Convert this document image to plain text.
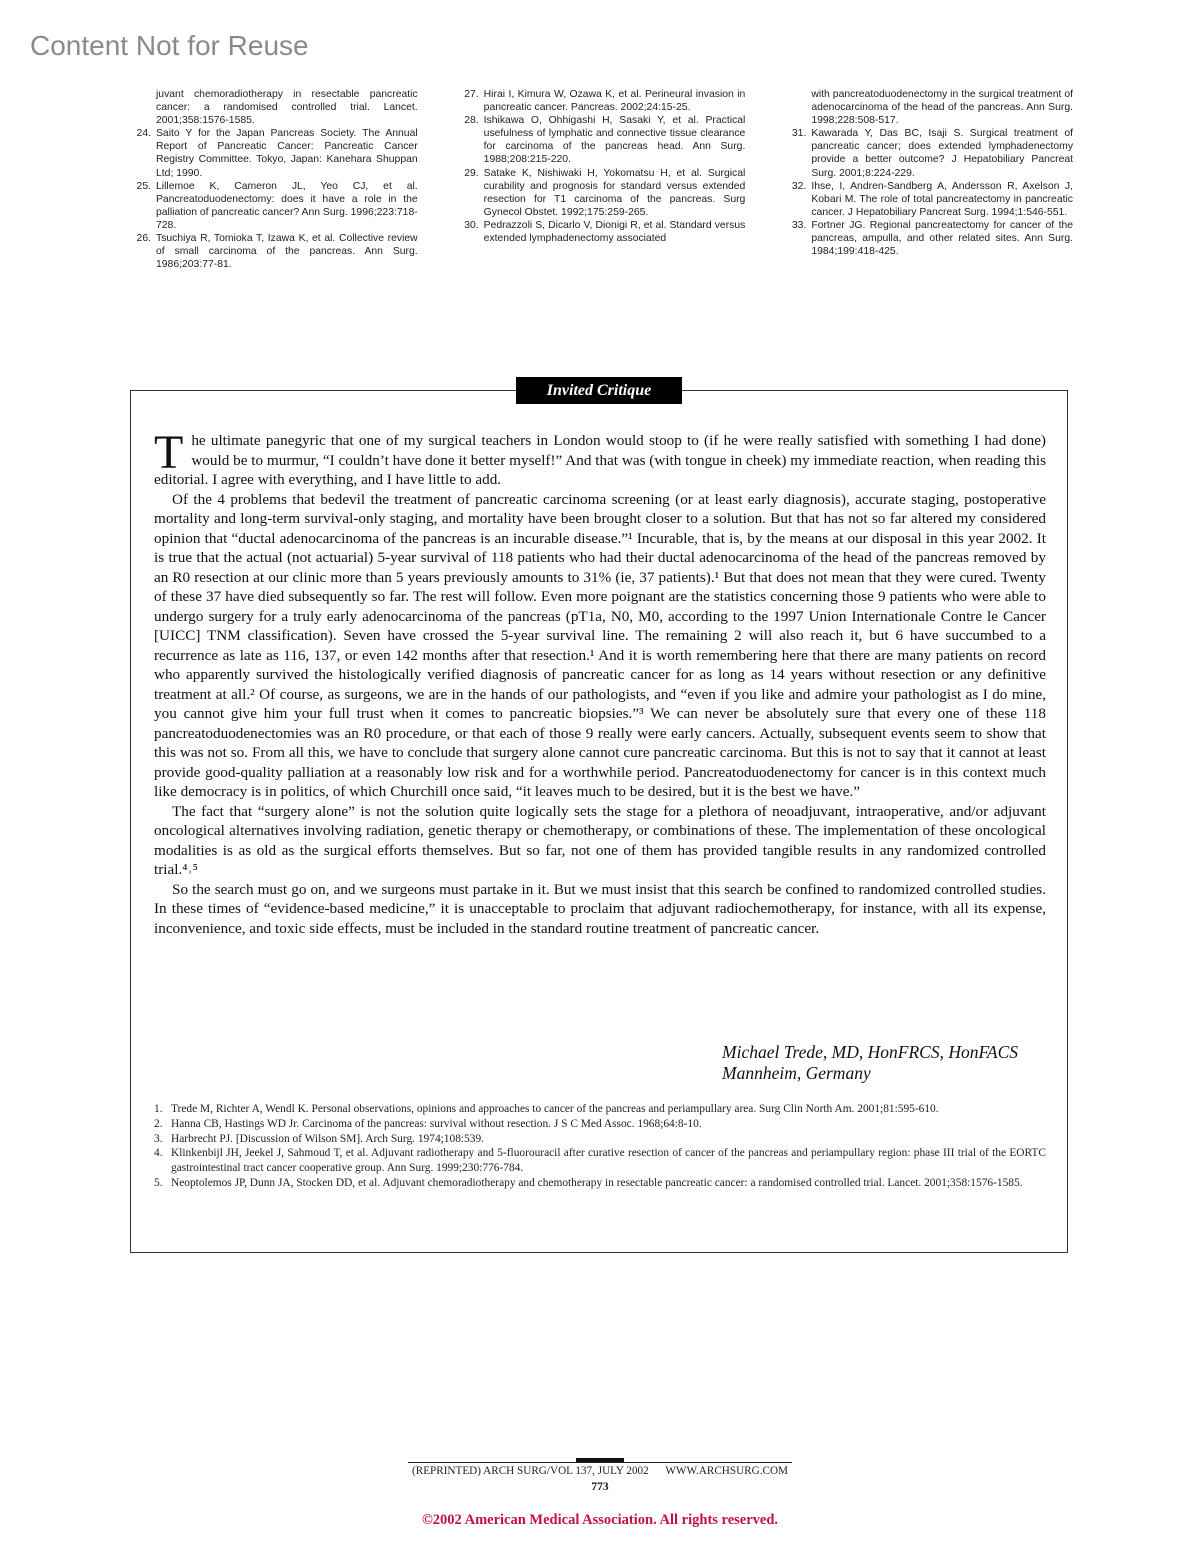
Content Not for Reuse
juvant chemoradiotherapy in resectable pancreatic cancer: a randomised controlled trial. Lancet. 2001;358:1576-1585.
24. Saito Y for the Japan Pancreas Society. The Annual Report of Pancreatic Cancer: Pancreatic Cancer Registry Committee. Tokyo, Japan: Kanehara Shuppan Ltd; 1990.
25. Lillemoe K, Cameron JL, Yeo CJ, et al. Pancreatoduodenectomy: does it have a role in the palliation of pancreatic cancer? Ann Surg. 1996;223:718-728.
26. Tsuchiya R, Tomioka T, Izawa K, et al. Collective review of small carcinoma of the pancreas. Ann Surg. 1986;203:77-81.
27. Hirai I, Kimura W, Ozawa K, et al. Perineural invasion in pancreatic cancer. Pancreas. 2002;24:15-25.
28. Ishikawa O, Ohhigashi H, Sasaki Y, et al. Practical usefulness of lymphatic and connective tissue clearance for carcinoma of the pancreas head. Ann Surg. 1988;208:215-220.
29. Satake K, Nishiwaki H, Yokomatsu H, et al. Surgical curability and prognosis for standard versus extended resection for T1 carcinoma of the pancreas. Surg Gynecol Obstet. 1992;175:259-265.
30. Pedrazzoli S, Dicarlo V, Dionigi R, et al. Standard versus extended lymphadenectomy associated
with pancreatoduodenectomy in the surgical treatment of adenocarcinoma of the head of the pancreas. Ann Surg. 1998;228:508-517.
31. Kawarada Y, Das BC, Isaji S. Surgical treatment of pancreatic cancer; does extended lymphadenectomy provide a better outcome? J Hepatobiliary Pancreat Surg. 2001;8:224-229.
32. Ihse, I, Andren-Sandberg A, Andersson R, Axelson J, Kobari M. The role of total pancreatectomy in pancreatic cancer. J Hepatobiliary Pancreat Surg. 1994;1:546-551.
33. Fortner JG. Regional pancreatectomy for cancer of the pancreas, ampulla, and other related sites. Ann Surg. 1984;199:418-425.
Invited Critique

The ultimate panegyric that one of my surgical teachers in London would stoop to (if he were really satisfied with something I had done) would be to murmur, “I couldn’t have done it better myself!” And that was (with tongue in cheek) my immediate reaction, when reading this editorial. I agree with everything, and I have little to add.

Of the 4 problems that bedevil the treatment of pancreatic carcinoma screening (or at least early diagnosis), accurate staging, postoperative mortality and long-term survival-only staging, and mortality have been brought closer to a solution. But that has not so far altered my considered opinion that “ductal adenocarcinoma of the pancreas is an incurable disease.”¹ Incurable, that is, by the means at our disposal in this year 2002. It is true that the actual (not actuarial) 5-year survival of 118 patients who had their ductal adenocarcinoma of the head of the pancreas removed by an R0 resection at our clinic more than 5 years previously amounts to 31% (ie, 37 patients).¹ But that does not mean that they were cured. Twenty of these 37 have died subsequently so far. The rest will follow. Even more poignant are the statistics concerning those 9 patients who were able to undergo surgery for a truly early adenocarcinoma of the pancreas (pT1a, N0, M0, according to the 1997 Union Internationale Contre le Cancer [UICC] TNM classification). Seven have crossed the 5-year survival line. The remaining 2 will also reach it, but 6 have succumbed to a recurrence as late as 116, 137, or even 142 months after that resection.¹ And it is worth remembering here that there are many patients on record who apparently survived the histologically verified diagnosis of pancreatic cancer for as long as 14 years without resection or any definitive treatment at all.² Of course, as surgeons, we are in the hands of our pathologists, and “even if you like and admire your pathologist as I do mine, you cannot give him your full trust when it comes to pancreatic biopsies.”³ We can never be absolutely sure that every one of these 118 pancreatoduodenectomies was an R0 procedure, or that each of those 9 really were early cancers. Actually, subsequent events seem to show that this was not so. From all this, we have to conclude that surgery alone cannot cure pancreatic carcinoma. But this is not to say that it cannot at least provide good-quality palliation at a reasonably low risk and for a worthwhile period. Pancreatoduodenectomy for cancer is in this context much like democracy is in politics, of which Churchill once said, “it leaves much to be desired, but it is the best we have.”

The fact that “surgery alone” is not the solution quite logically sets the stage for a plethora of neoadjuvant, intraoperative, and/or adjuvant oncological alternatives involving radiation, genetic therapy or chemotherapy, or combinations of these. The implementation of these oncological modalities is as old as the surgical efforts themselves. But so far, not one of them has provided tangible results in any randomized controlled trial.⁴˒⁵

So the search must go on, and we surgeons must partake in it. But we must insist that this search be confined to randomized controlled studies. In these times of “evidence-based medicine,” it is unacceptable to proclaim that adjuvant radiochemotherapy, for instance, with all its expense, inconvenience, and toxic side effects, must be included in the standard routine treatment of pancreatic cancer.

Michael Trede, MD, HonFRCS, HonFACS
Mannheim, Germany
1. Trede M, Richter A, Wendl K. Personal observations, opinions and approaches to cancer of the pancreas and periampullary area. Surg Clin North Am. 2001;81:595-610.
2. Hanna CB, Hastings WD Jr. Carcinoma of the pancreas: survival without resection. J S C Med Assoc. 1968;64:8-10.
3. Harbrecht PJ. [Discussion of Wilson SM]. Arch Surg. 1974;108:539.
4. Klinkenbijl JH, Jeekel J, Sahmoud T, et al. Adjuvant radiotherapy and 5-fluorouracil after curative resection of cancer of the pancreas and periampullary region: phase III trial of the EORTC gastrointestinal tract cancer cooperative group. Ann Surg. 1999;230:776-784.
5. Neoptolemos JP, Dunn JA, Stocken DD, et al. Adjuvant chemoradiotherapy and chemotherapy in resectable pancreatic cancer: a randomised controlled trial. Lancet. 2001;358:1576-1585.
(REPRINTED) ARCH SURG/VOL 137, JULY 2002 WWW.ARCHSURG.COM
773
©2002 American Medical Association. All rights reserved.
